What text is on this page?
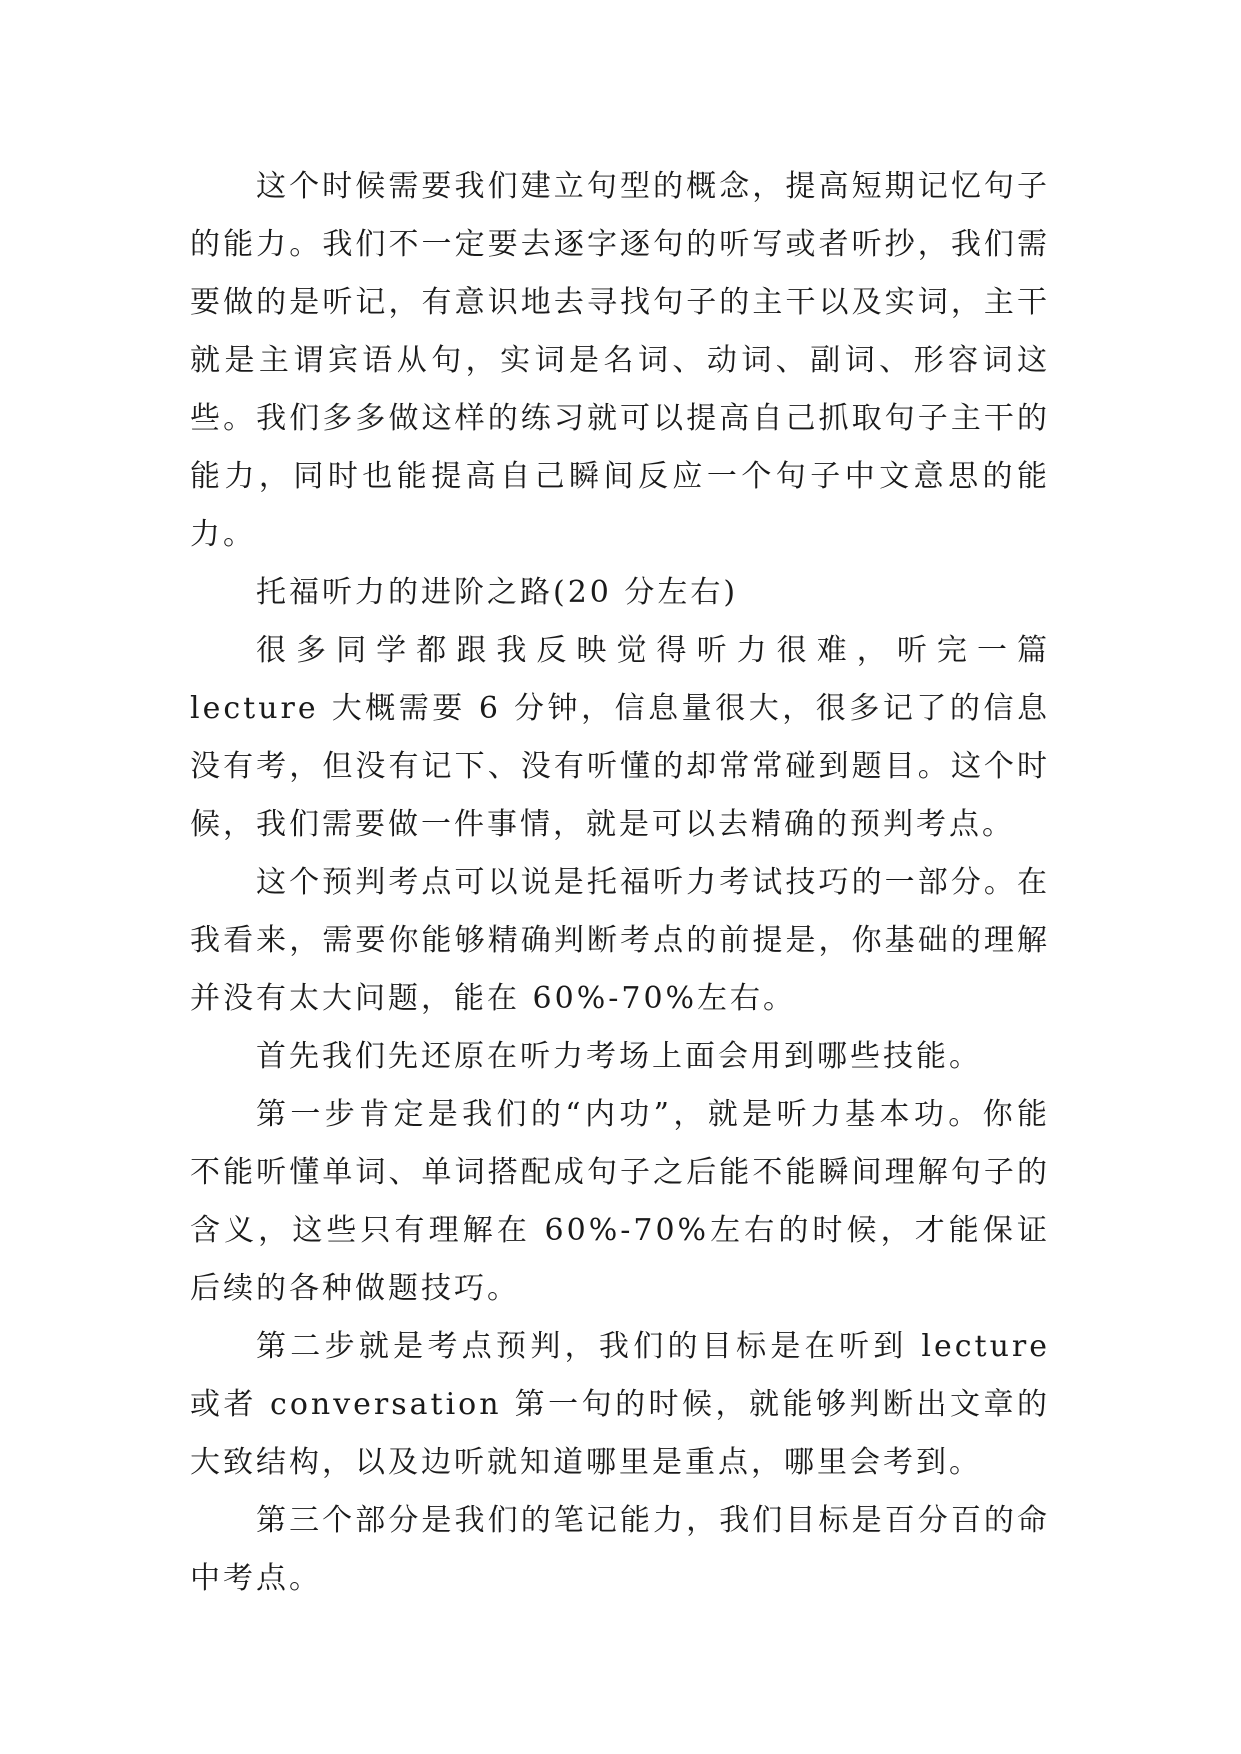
这个时候需要我们建立句型的概念，提高短期记忆句子的能力。我们不一定要去逐字逐句的听写或者听抄，我们需要做的是听记，有意识地去寻找句子的主干以及实词，主干就是主谓宾语从句，实词是名词、动词、副词、形容词这些。我们多多做这样的练习就可以提高自己抓取句子主干的能力，同时也能提高自己瞬间反应一个句子中文意思的能力。

托福听力的进阶之路(20 分左右)

很多同学都跟我反映觉得听力很难，听完一篇 lecture 大概需要 6 分钟，信息量很大，很多记了的信息没有考，但没有记下、没有听懂的却常常碰到题目。这个时候，我们需要做一件事情，就是可以去精确的预判考点。

这个预判考点可以说是托福听力考试技巧的一部分。在我看来，需要你能够精确判断考点的前提是，你基础的理解并没有太大问题，能在 60%-70%左右。

首先我们先还原在听力考场上面会用到哪些技能。

第一步肯定是我们的“内功”，就是听力基本功。你能不能听懂单词、单词搭配成句子之后能不能瞬间理解句子的含义，这些只有理解在 60%-70%左右的时候，才能保证后续的各种做题技巧。

第二步就是考点预判，我们的目标是在听到 lecture 或者 conversation 第一句的时候，就能够判断出文章的大致结构，以及边听就知道哪里是重点，哪里会考到。

第三个部分是我们的笔记能力，我们目标是百分百的命中考点。
